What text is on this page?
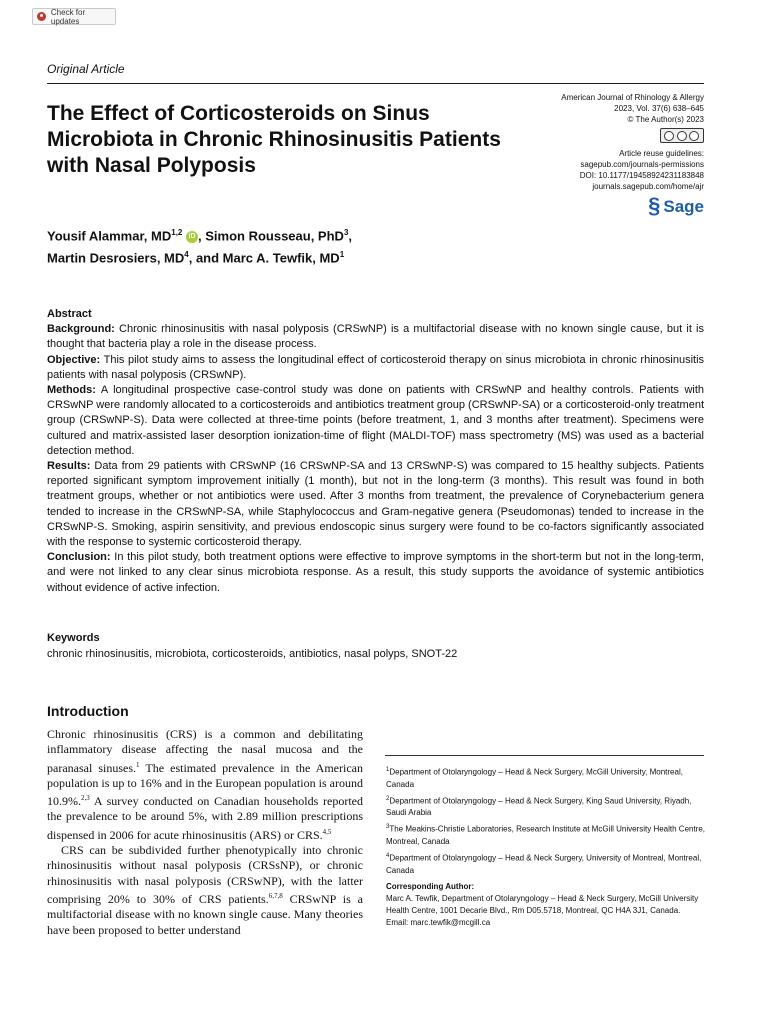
Check for updates
Original Article
The Effect of Corticosteroids on Sinus Microbiota in Chronic Rhinosinusitis Patients with Nasal Polyposis
American Journal of Rhinology & Allergy
2023, Vol. 37(6) 638–645
© The Author(s) 2023
Article reuse guidelines:
sagepub.com/journals-permissions
DOI: 10.1177/19458924231183848
journals.sagepub.com/home/ajr
§ Sage
Yousif Alammar, MD$^{1,2}$ iD , Simon Rousseau, PhD$^3$,
Martin Desrosiers, $MD^4$, and Marc A. Tewfik, $MD^1$

Abstract

Background: Chronic rhinosinusitis with nasal polyposis (CRSwNP) is a multifactorial disease with no known single cause, but it is thought that bacteria play a role in the disease process.

Objective: This pilot study aims to assess the longitudinal effect of corticosteroid therapy on sinus microbiota in chronic rhinosinusitis patients with nasal polyposis (CRSwNP).

Methods: A longitudinal prospective case-control study was done on patients with CRSwNP and healthy controls. Patients with CRSwNP were randomly allocated to a corticosteroids and antibiotics treatment group (CRSwNP-SA) or a corticosteroid-only treatment group (CRSwNP-S). Data were collected at three-time points (before treatment, 1, and 3 months after treatment). Specimens were cultured and matrix-assisted laser desorption ionization-time of flight (MALDI-TOF) mass spectrometry (MS) was used as a bacterial detection method.

Results: Data from 29 patients with CRSwNP (16 CRSwNP-SA and 13 CRSwNP-S) was compared to 15 healthy subjects. Patients reported significant symptom improvement initially (1 month), but not in the long-term (3 months). This result was found in both treatment groups, whether or not antibiotics were used. After 3 months from treatment, the prevalence of Corynebacterium genera tended to increase in the CRSwNP-SA, while Staphylococcus and Gram-negative genera (Pseudomonas) tended to increase in the CRSwNP-S. Smoking, aspirin sensitivity, and previous endoscopic sinus surgery were found to be co-factors significantly associated with the response to systemic corticosteroid therapy.

Conclusion: In this pilot study, both treatment options were effective to improve symptoms in the short-term but not in the long-term, and were not linked to any clear sinus microbiota response. As a result, this study supports the avoidance of systemic antibiotics without evidence of active infection.

Keywords
chronic rhinosinusitis, microbiota, corticosteroids, antibiotics, nasal polyps, SNOT-22
Introduction

Chronic rhinosinusitis (CRS) is a common and debilitating inflammatory disease affecting the nasal mucosa and the paranasal sinuses.$^1$ The estimated prevalence in the American population is up to 16% and in the European population is around 10.9%.$^{2,3}$ A survey conducted on Canadian households reported the prevalence to be around 5%, with 2.89 million prescriptions dispensed in 2006 for acute rhinosinusitis (ARS) or CRS.$^{4,5}$

CRS can be subdivided further phenotypically into chronic rhinosinusitis without nasal polyposis (CRSsNP), or chronic rhinosinusitis with nasal polyposis (CRSwNP), with the latter comprising 20% to 30% of CRS patients.$^{6,7,8}$ CRSwNP is a multifactorial disease with no known single cause. Many theories have been proposed to better understand

$^1$Department of Otolaryngology – Head & Neck Surgery, McGill University, Montreal, Canada

$^2$Department of Otolaryngology – Head & Neck Surgery, King Saud University, Riyadh, Saudi Arabia

$^3$The Meakins-Christie Laboratories, Research Institute at McGill University Health Centre, Montreal, Canada

$^4$Department of Otolaryngology – Head & Neck Surgery, University of Montreal, Montreal, Canada

Corresponding Author:
Marc A. Tewfik, Department of Otolaryngology – Head & Neck Surgery, McGill University Health Centre, 1001 Decarie Blvd., Rm D05.5718, Montreal, QC H4A 3J1, Canada.
Email: marc.tewfik@mcgill.ca
